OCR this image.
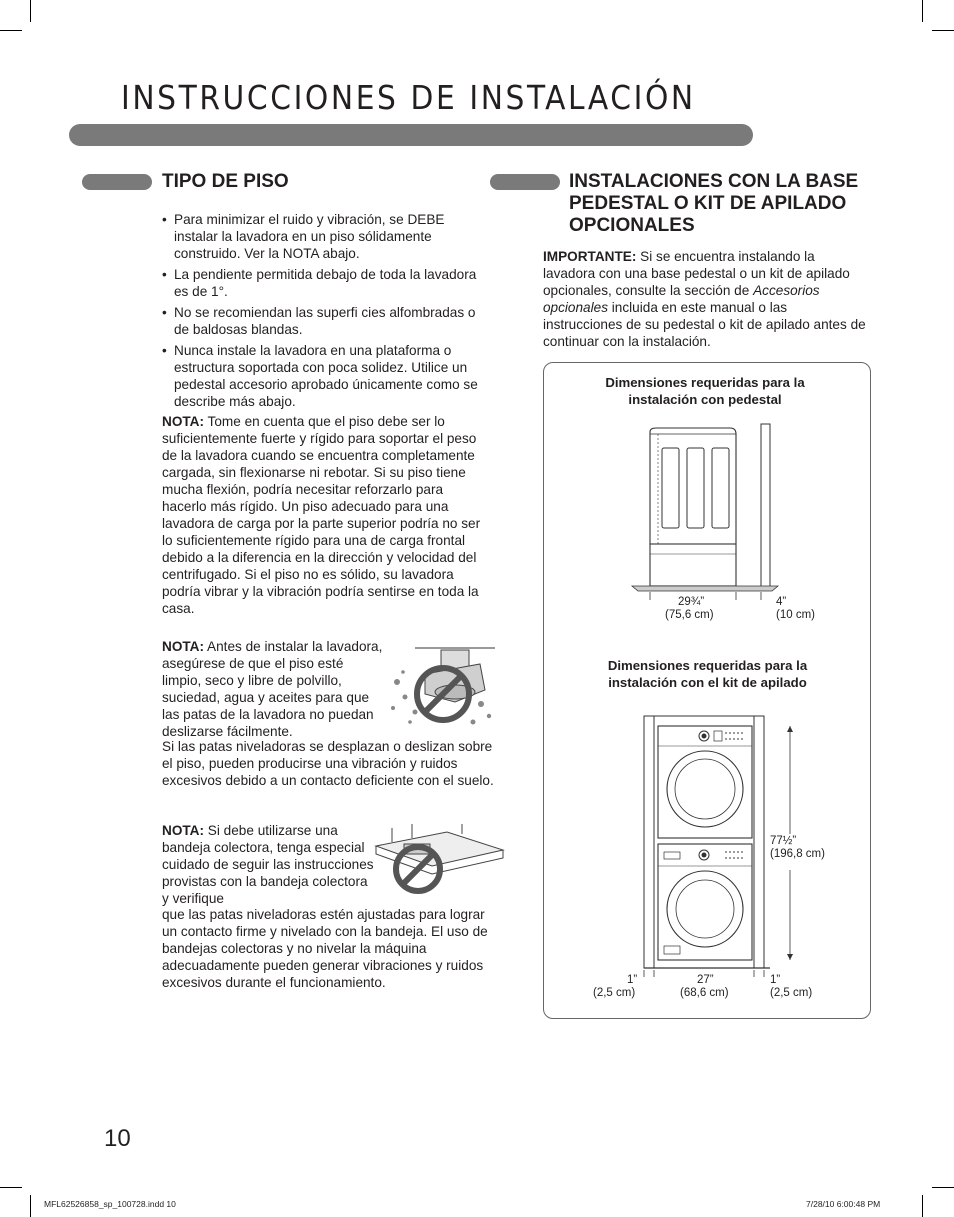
INSTRUCCIONES DE INSTALACIÓN
TIPO DE PISO
• Para minimizar el ruido y vibración, se DEBE instalar la lavadora en un piso sólidamente construido. Ver la NOTA abajo.
• La pendiente permitida debajo de toda la lavadora es de 1°.
• No se recomiendan las superfi cies alfombradas o de baldosas blandas.
• Nunca instale la lavadora en una plataforma o estructura soportada con poca solidez. Utilice un pedestal accesorio aprobado únicamente como se describe más abajo.

NOTA: Tome en cuenta que el piso debe ser lo suficientemente fuerte y rígido para soportar el peso de la lavadora cuando se encuentra completamente cargada, sin flexionarse ni rebotar. Si su piso tiene mucha flexión, podría necesitar reforzarlo para hacerlo más rígido. Un piso adecuado para una lavadora de carga por la parte superior podría no ser lo suficientemente rígido para una de carga frontal debido a la diferencia en la dirección y velocidad del centrifugado. Si el piso no es sólido, su lavadora podría vibrar y la vibración podría sentirse en toda la casa.

NOTA: Antes de instalar la lavadora, asegúrese de que el piso esté limpio, seco y libre de polvillo, suciedad, agua y aceites para que las patas de la lavadora no puedan deslizarse fácilmente.

Si las patas niveladoras se desplazan o deslizan sobre el piso, pueden producirse una vibración y ruidos excesivos debido a un contacto deficiente con el suelo.

NOTA: Si debe utilizarse una bandeja colectora, tenga especial cuidado de seguir las instrucciones provistas con la bandeja colectora y verifique

que las patas niveladoras estén ajustadas para lograr un contacto firme y nivelado con la bandeja. El uso de bandejas colectoras y no nivelar la máquina adecuadamente pueden generar vibraciones y ruidos excesivos durante el funcionamiento.
INSTALACIONES CON LA BASE PEDESTAL O KIT DE APILADO OPCIONALES

IMPORTANTE: Si se encuentra instalando la lavadora con una base pedestal o un kit de apilado opcionales, consulte la sección de Accesorios opcionales incluida en este manual o las instrucciones de su pedestal o kit de apilado antes de continuar con la instalación.

Dimensiones requeridas para la instalación con pedestal
29¾”
(75,6 cm)
4”
(10 cm)
Dimensiones requeridas para la instalación con el kit de apilado
77½”
(196,8 cm)
1”
(2,5 cm)
27”
(68,6 cm)
1”
(2,5 cm)
10
MFL62526858_sp_100728.indd 10	7/28/10 6:00:48 PM
